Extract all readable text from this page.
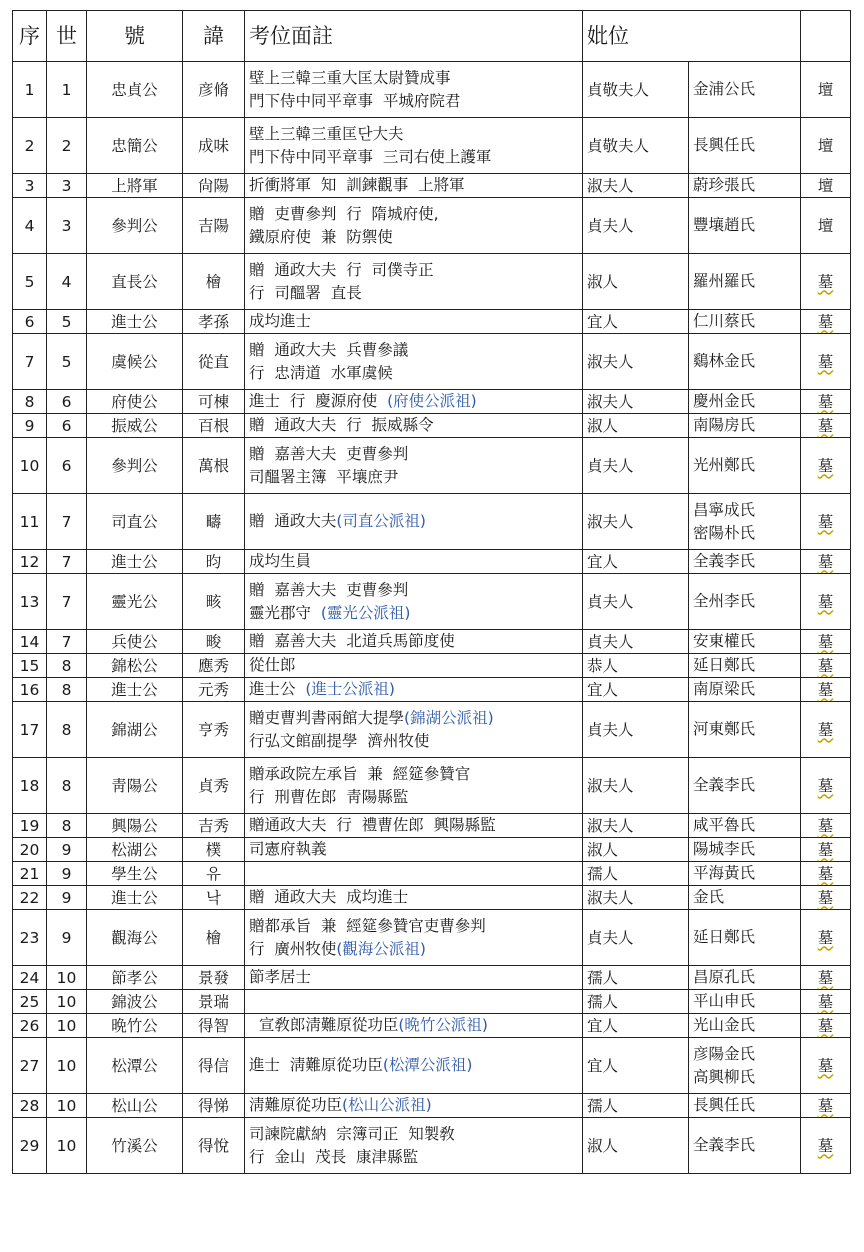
序	世	號	諱	考位面註	妣位		
1	1	忠貞公	彦脩	壁上三韓三重大匡太尉贊成事
門下侍中同平章事  平城府院君	貞敬夫人	金浦公氏	壇
2	2	忠簡公	成味	壁上三韓三重匡단大夫
門下侍中同平章事  三司右使上護軍	貞敬夫人	長興任氏	壇
3	3	上將軍	尙陽	折衝將軍  知  訓鍊觀事  上將軍	淑夫人	蔚珍張氏	壇
4	3	參判公	吉陽	贈  吏曹參判  行  隋城府使,
鐵原府使  兼  防禦使	貞夫人	豐壤趙氏	壇
5	4	直長公	檜	贈  通政大夫  行  司僕寺正
行  司醞署  直長	淑人	羅州羅氏	墓
6	5	進士公	孝孫	成均進士	宜人	仁川蔡氏	墓
7	5	虞候公	從直	贈  通政大夫  兵曹參議
行  忠淸道  水軍虞候	淑夫人	鷄林金氏	墓
8	6	府使公	可棟	進士  行  慶源府使  (府使公派祖)	淑夫人	慶州金氏	墓
9	6	振威公	百根	贈  通政大夫  行  振威縣令	淑人	南陽房氏	墓
10	6	參判公	萬根	贈  嘉善大夫  吏曹參判
司醞署主簿  平壤庶尹	貞夫人	光州鄭氏	墓
11	7	司直公	疇	贈  通政大夫(司直公派祖)	淑夫人	昌寧成氏
密陽朴氏	墓
12	7	進士公	昀	成均生員	宜人	全義李氏	墓
13	7	靈光公	畡	贈  嘉善大夫  吏曹參判
靈光郡守  (靈光公派祖)	貞夫人	全州李氏	墓
14	7	兵使公	畯	贈  嘉善大夫  北道兵馬節度使	貞夫人	安東權氏	墓
15	8	錦松公	應秀	從仕郎	恭人	延日鄭氏	墓
16	8	進士公	元秀	進士公  (進士公派祖)	宜人	南原梁氏	墓
17	8	錦湖公	亨秀	贈吏曹判書兩館大提學(錦湖公派祖)
行弘文館副提學  濟州牧使	貞夫人	河東鄭氏	墓
18	8	靑陽公	貞秀	贈承政院左承旨  兼  經筵參贊官
行  刑曹佐郎  靑陽縣監	淑夫人	全義李氏	墓
19	8	興陽公	吉秀	贈通政大夫  行  禮曹佐郎  興陽縣監	淑夫人	咸平魯氏	墓
20	9	松湖公	樸	司憲府執義	淑人	陽城李氏	墓
21	9	學生公	유		孺人	平海黃氏	墓
22	9	進士公	낙	贈  通政大夫  成均進士	淑夫人	金氏	墓
23	9	觀海公	檜	贈都承旨  兼  經筵參贊官吏曹參判
行  廣州牧使(觀海公派祖)	貞夫人	延日鄭氏	墓
24	10	節孝公	景發	節孝居士	孺人	昌原孔氏	墓
25	10	錦波公	景瑞		孺人	平山申氏	墓
26	10	晩竹公	得智	宣敎郎淸難原從功臣(晩竹公派祖)	宜人	光山金氏	墓
27	10	松潭公	得信	進士  淸難原從功臣(松潭公派祖)	宜人	彦陽金氏
高興柳氏	墓
28	10	松山公	得悌	淸難原從功臣(松山公派祖)	孺人	長興任氏	墓
29	10	竹溪公	得悅	司諫院獻納  宗簿司正  知製敎
行  金山  茂長  康津縣監	淑人	全義李氏	墓
